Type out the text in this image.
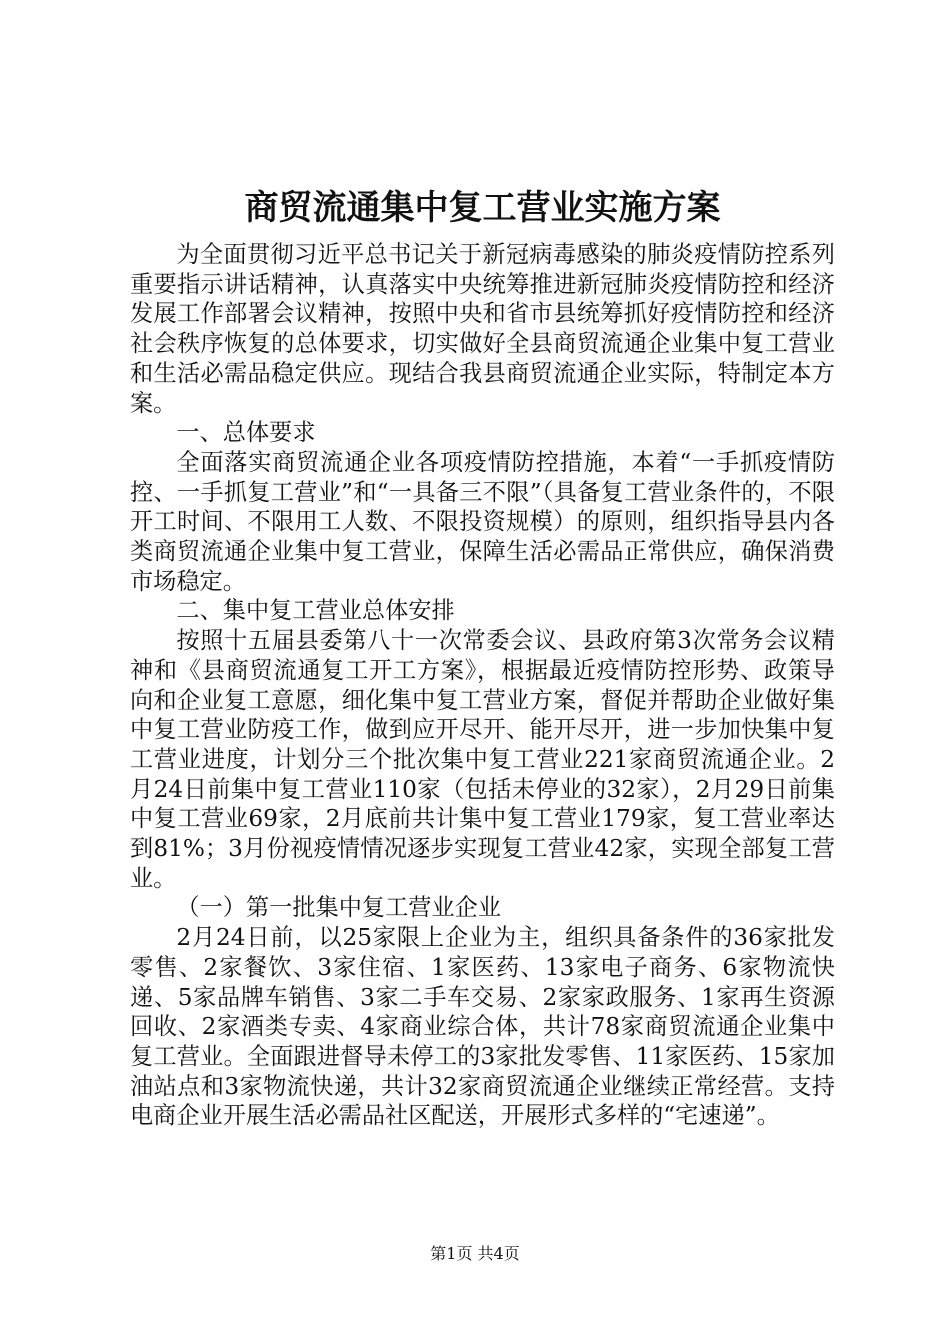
商贸流通集中复工营业实施方案

为全面贯彻习近平总书记关于新冠病毒感染的肺炎疫情防控系列重要指示讲话精神，认真落实中央统筹推进新冠肺炎疫情防控和经济发展工作部署会议精神，按照中央和省市县统筹抓好疫情防控和经济社会秩序恢复的总体要求，切实做好全县商贸流通企业集中复工营业和生活必需品稳定供应。现结合我县商贸流通企业实际，特制定本方案。

一、总体要求

全面落实商贸流通企业各项疫情防控措施，本着“一手抓疫情防控、一手抓复工营业”和“一具备三不限”（具备复工营业条件的，不限开工时间、不限用工人数、不限投资规模）的原则，组织指导县内各类商贸流通企业集中复工营业，保障生活必需品正常供应，确保消费市场稳定。

二、集中复工营业总体安排

按照十五届县委第八十一次常委会议、县政府第3次常务会议精神和《县商贸流通复工开工方案》，根据最近疫情防控形势、政策导向和企业复工意愿，细化集中复工营业方案，督促并帮助企业做好集中复工营业防疫工作，做到应开尽开、能开尽开，进一步加快集中复工营业进度，计划分三个批次集中复工营业221家商贸流通企业。2月24日前集中复工营业110家（包括未停业的32家），2月29日前集中复工营业69家，2月底前共计集中复工营业179家，复工营业率达到81%；3月份视疫情情况逐步实现复工营业42家，实现全部复工营业。

（一）第一批集中复工营业企业

2月24日前，以25家限上企业为主，组织具备条件的36家批发零售、2家餐饮、3家住宿、1家医药、13家电子商务、6家物流快递、5家品牌车销售、3家二手车交易、2家家政服务、1家再生资源回收、2家酒类专卖、4家商业综合体，共计78家商贸流通企业集中复工营业。全面跟进督导未停工的3家批发零售、11家医药、15家加油站点和3家物流快递，共计32家商贸流通企业继续正常经营。支持电商企业开展生活必需品社区配送，开展形式多样的“宅速递”。

第1页 共4页
